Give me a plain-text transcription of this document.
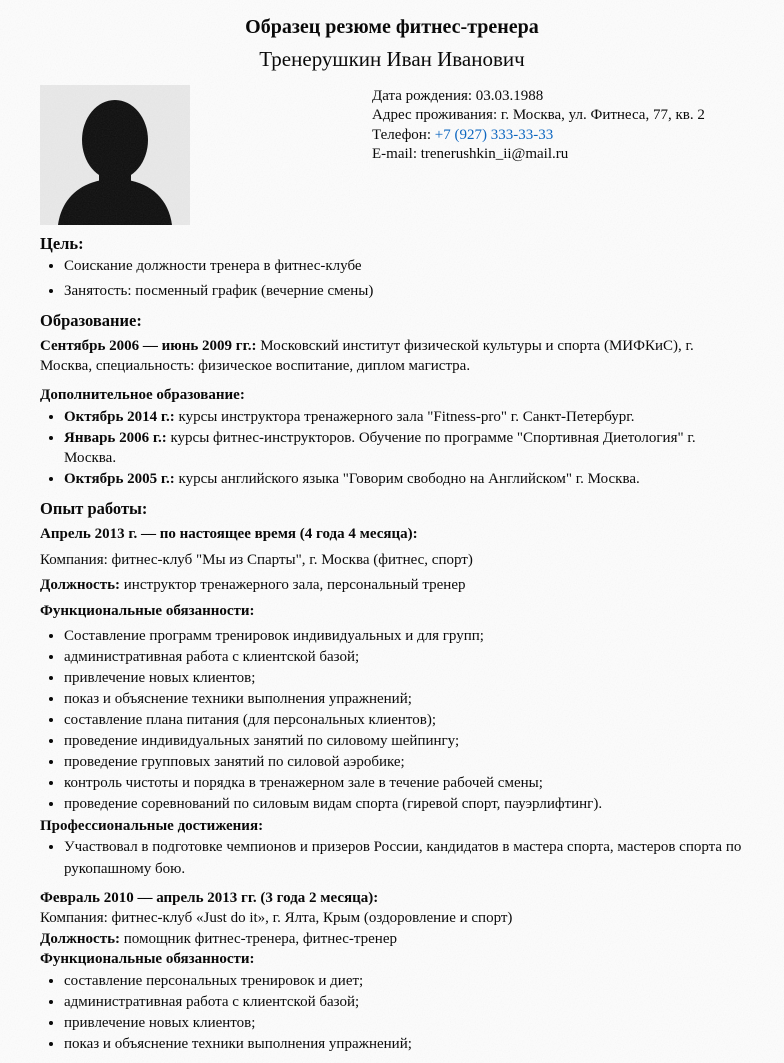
Образец резюме фитнес-тренера
Тренерушкин Иван Иванович
Дата рождения: 03.03.1988
Адрес проживания: г. Москва, ул. Фитнеса, 77, кв. 2
Телефон: +7 (927) 333-33-33
E-mail: trenerushkin_ii@mail.ru
Цель:
• Соискание должности тренера в фитнес-клубе
• Занятость: посменный график (вечерние смены)
Образование:

Сентябрь 2006 — июнь 2009 гг.: Московский институт физической культуры и спорта (МИФКиС), г. Москва, специальность: физическое воспитание, диплом магистра.

Дополнительное образование:

• Октябрь 2014 г.: курсы инструктора тренажерного зала "Fitness-pro" г. Санкт-Петербург.
• Январь 2006 г.: курсы фитнес-инструкторов. Обучение по программе "Спортивная Диетология" г. Москва.
• Октябрь 2005 г.: курсы английского языка "Говорим свободно на Английском" г. Москва.
Опыт работы:

Апрель 2013 г. — по настоящее время (4 года 4 месяца):

Компания: фитнес-клуб "Мы из Спарты", г. Москва (фитнес, спорт)

Должность: инструктор тренажерного зала, персональный тренер

Функциональные обязанности:

• Составление программ тренировок индивидуальных и для групп;
• административная работа с клиентской базой;
• привлечение новых клиентов;
• показ и объяснение техники выполнения упражнений;
• составление плана питания (для персональных клиентов);
• проведение индивидуальных занятий по силовому шейпингу;
• проведение групповых занятий по силовой аэробике;
• контроль чистоты и порядка в тренажерном зале в течение рабочей смены;
• проведение соревнований по силовым видам спорта (гиревой спорт, пауэрлифтинг).

Профессиональные достижения:

• Участвовал в подготовке чемпионов и призеров России, кандидатов в мастера спорта, мастеров спорта по рукопашному бою.

Февраль 2010 — апрель 2013 гг. (3 года 2 месяца):

Компания: фитнес-клуб «Just do it», г. Ялта, Крым (оздоровление и спорт)

Должность: помощник фитнес-тренера, фитнес-тренер

Функциональные обязанности:

• составление персональных тренировок и диет;
• административная работа с клиентской базой;
• привлечение новых клиентов;
• показ и объяснение техники выполнения упражнений;
